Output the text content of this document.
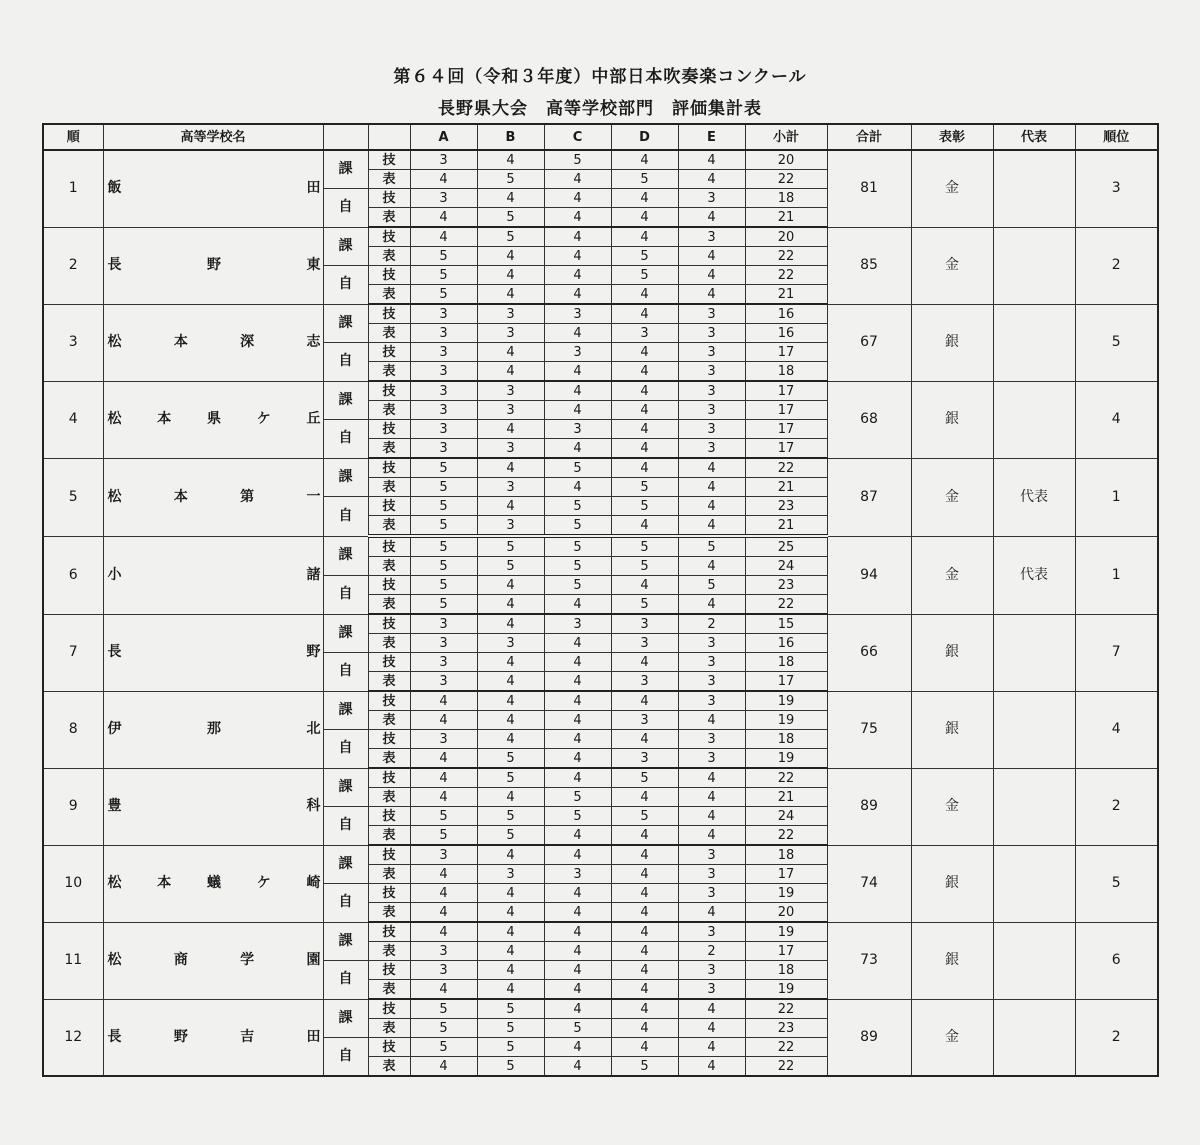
第６４回（令和３年度）中部日本吹奏楽コンクール
長野県大会　高等学校部門　評価集計表
順	高等学校名			A	B	C	D	E	小計	合計	表彰	代表	順位
1	飯 田	課	技	3	4	5	4	4	20	81	金		3
			表	4	5	4	5	4	22				
		自	技	3	4	4	4	3	18				
			表	4	5	4	4	4	21				
2	長 野 東	課	技	4	5	4	4	3	20	85	金		2
			表	5	4	4	5	4	22				
		自	技	5	4	4	5	4	22				
			表	5	4	4	4	4	21				
3	松 本 深 志	課	技	3	3	3	4	3	16	67	銀		5
			表	3	3	4	3	3	16				
		自	技	3	4	3	4	3	17				
			表	3	4	4	4	3	18				
4	松 本 県 ケ 丘	課	技	3	3	4	4	3	17	68	銀		4
			表	3	3	4	4	3	17				
		自	技	3	4	3	4	3	17				
			表	3	3	4	4	3	17				
5	松 本 第 一	課	技	5	4	5	4	4	22	87	金	代表	1
			表	5	3	4	5	4	21				
		自	技	5	4	5	5	4	23				
			表	5	3	5	4	4	21				
6	小 諸	課	技	5	5	5	5	5	25	94	金	代表	1
			表	5	5	5	5	4	24				
		自	技	5	4	5	4	5	23				
			表	5	4	4	5	4	22				
7	長 野	課	技	3	4	3	3	2	15	66	銀		7
			表	3	3	4	3	3	16				
		自	技	3	4	4	4	3	18				
			表	3	4	4	3	3	17				
8	伊 那 北	課	技	4	4	4	4	3	19	75	銀		4
			表	4	4	4	3	4	19				
		自	技	3	4	4	4	3	18				
			表	4	5	4	3	3	19				
9	豊 科	課	技	4	5	4	5	4	22	89	金		2
			表	4	4	5	4	4	21				
		自	技	5	5	5	5	4	24				
			表	5	5	4	4	4	22				
10	松 本 蟻 ケ 崎	課	技	3	4	4	4	3	18	74	銀		5
			表	4	3	3	4	3	17				
		自	技	4	4	4	4	3	19				
			表	4	4	4	4	4	20				
11	松 商 学 園	課	技	4	4	4	4	3	19	73	銀		6
			表	3	4	4	4	2	17				
		自	技	3	4	4	4	3	18				
			表	4	4	4	4	3	19				
12	長 野 吉 田	課	技	5	5	4	4	4	22	89	金		2
			表	5	5	5	4	4	23				
		自	技	5	5	4	4	4	22				
			表	4	5	4	5	4	22				
